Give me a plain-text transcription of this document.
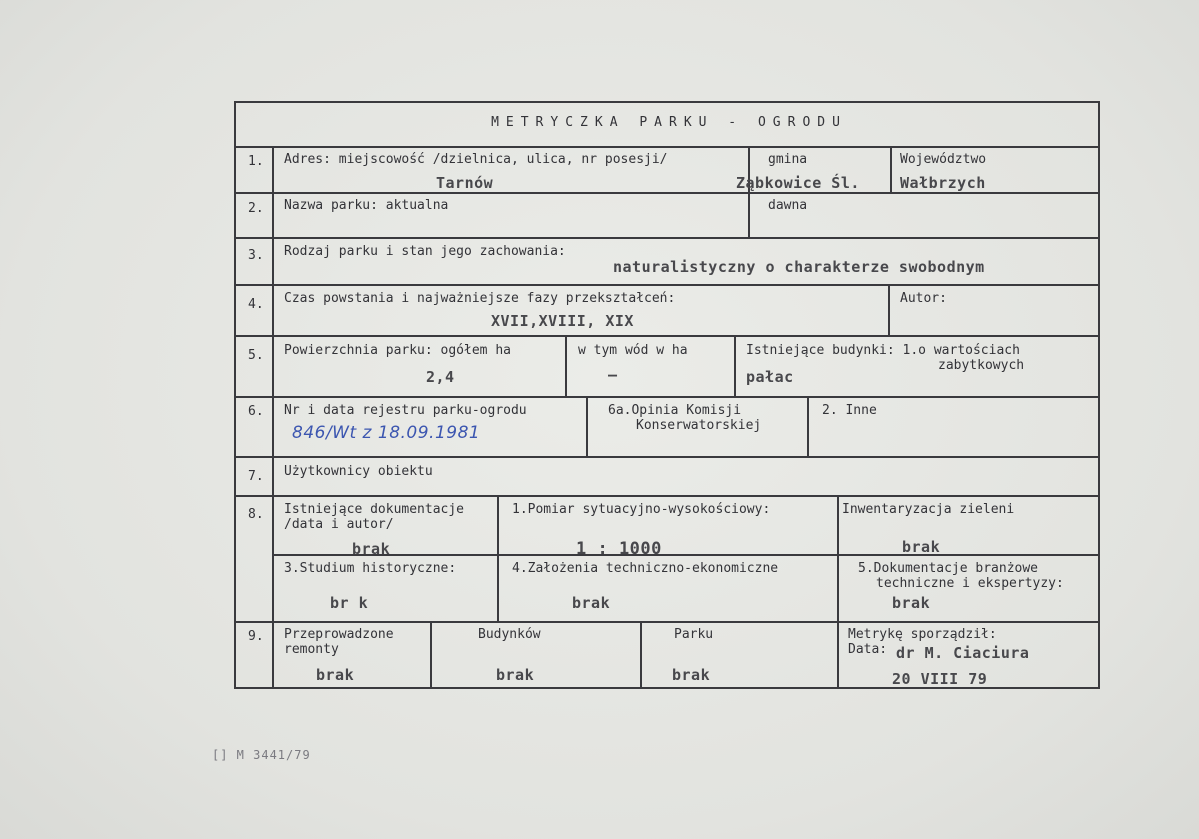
METRYCZKA PARKU - OGRODU
1. Adres: miejscowość /dzielnica, ulica, nr posesji/
Tarnów
gmina
Ząbkowice Śl.
Województwo
Wałbrzych
2. Nazwa parku: aktualna	dawna
3. Rodzaj parku i stan jego zachowania:
naturalistyczny o charakterze swobodnym
4. Czas powstania i najważniejsze fazy przekształceń:
XVII,XVIII, XIX
Autor:
5. Powierzchnia parku: ogółem ha
2,4
w tym wód w ha
—
Istniejące budynki: 1.o wartościach
zabytkowych
pałac
6. Nr i data rejestru parku-ogrodu
846/Wt z 18.09.1981
6a.Opinia Komisji
Konserwatorskiej
2. Inne
7. Użytkownicy obiektu
8. Istniejące dokumentacje
/data i autor/
brak
1.Pomiar sytuacyjno-wysokościowy:
1 : 1000
Inwentaryzacja zieleni
brak
3.Studium historyczne:
br k
4.Założenia techniczno-ekonomiczne
brak
5.Dokumentacje branżowe
techniczne i ekspertyzy:
brak
9. Przeprowadzone
remonty
brak
Budynków
brak
Parku
brak
Metrykę sporządził:
Data: dr M. Ciaciura
20 VIII 79
[] M 3441/79
